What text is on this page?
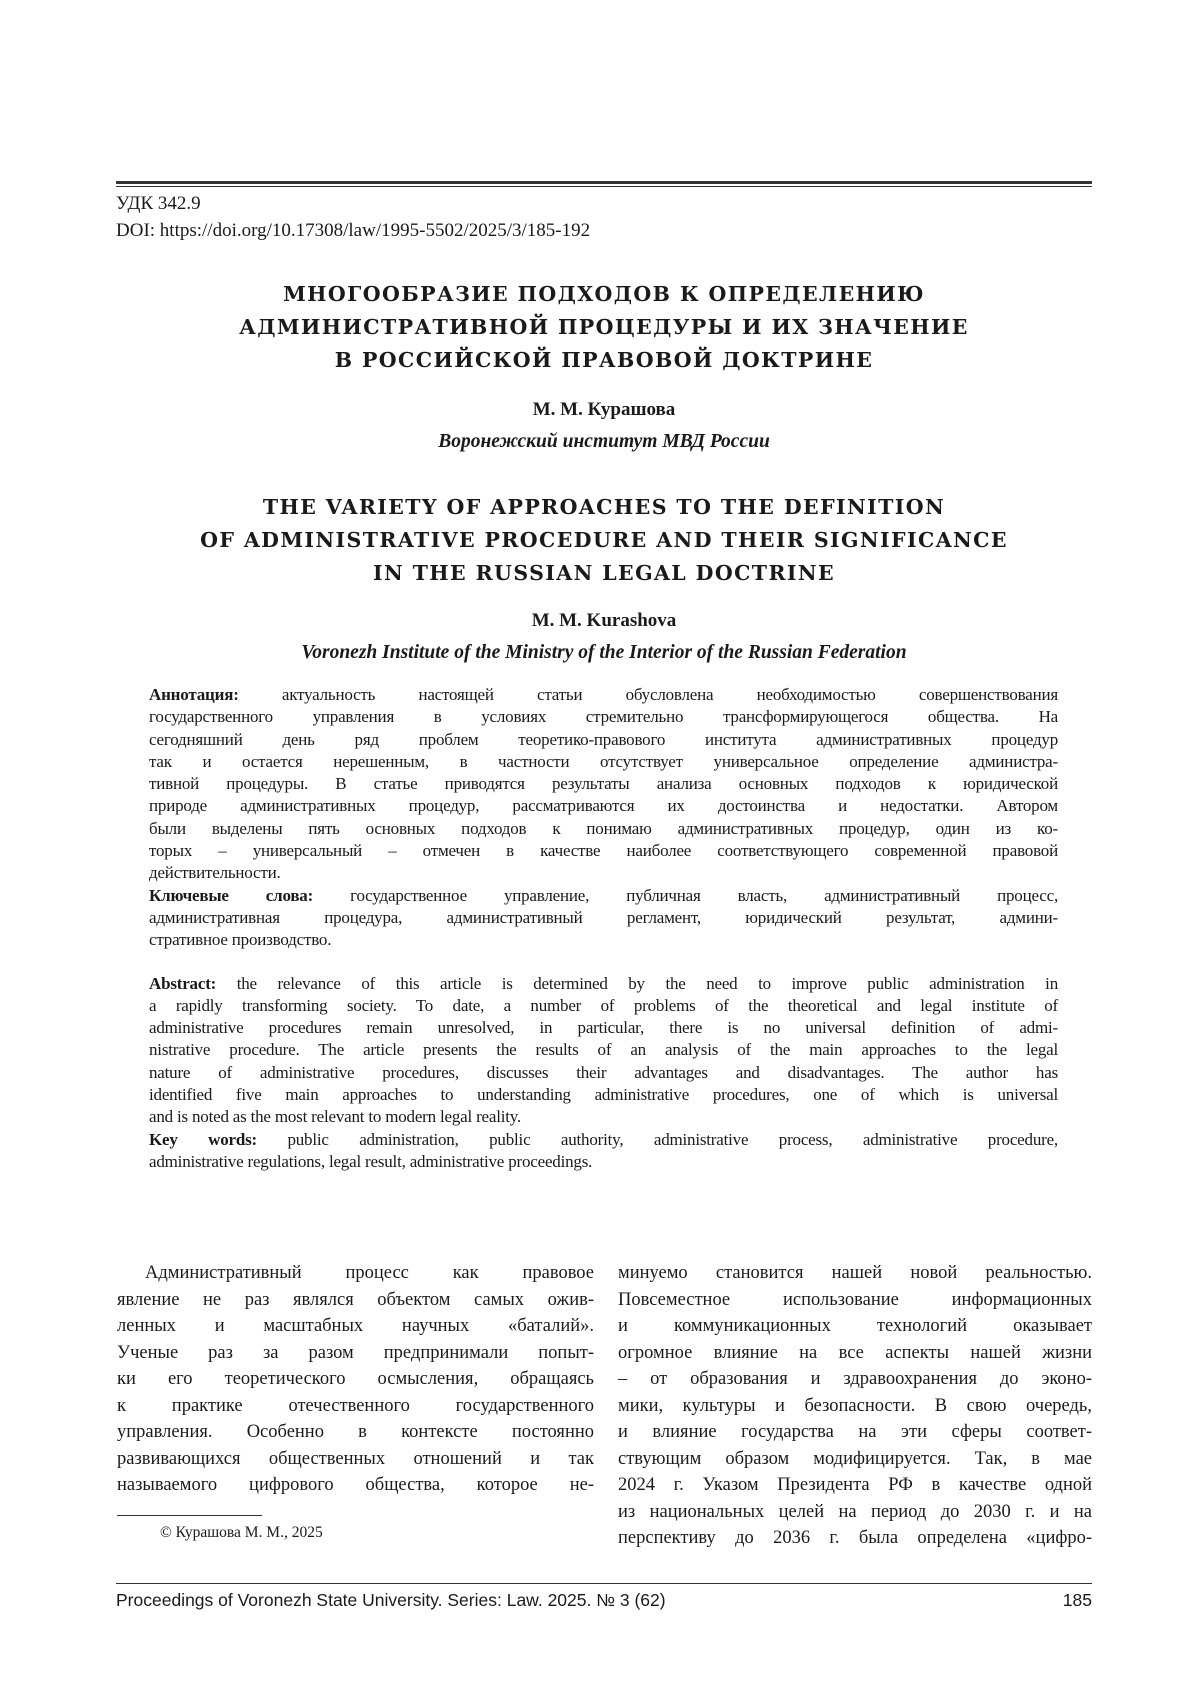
УДК 342.9
DOI: https://doi.org/10.17308/law/1995-5502/2025/3/185-192
МНОГООБРАЗИЕ ПОДХОДОВ К ОПРЕДЕЛЕНИЮ
АДМИНИСТРАТИВНОЙ ПРОЦЕДУРЫ И ИХ ЗНАЧЕНИЕ
В РОССИЙСКОЙ ПРАВОВОЙ ДОКТРИНЕ
М. М. Курашова
Воронежский институт МВД России
THE VARIETY OF APPROACHES TO THE DEFINITION
OF ADMINISTRATIVE PROCEDURE AND THEIR SIGNIFICANCE
IN THE RUSSIAN LEGAL DOCTRINE
M. M. Kurashova
Voronezh Institute of the Ministry of the Interior of the Russian Federation
Аннотация: актуальность настоящей статьи обусловлена необходимостью совершенствования
государственного управления в условиях стремительно трансформирующегося общества. На
сегодняшний день ряд проблем теоретико-правового института административных процедур
так и остается нерешенным, в частности отсутствует универсальное определение администра-
тивной процедуры. В статье приводятся результаты анализа основных подходов к юридической
природе административных процедур, рассматриваются их достоинства и недостатки. Автором
были выделены пять основных подходов к понимаю административных процедур, один из ко-
торых – универсальный – отмечен в качестве наиболее соответствующего современной правовой
действительности.
Ключевые слова: государственное управление, публичная власть, административный процесс,
административная процедура, административный регламент, юридический результат, админи-
стративное производство.
Abstract: the relevance of this article is determined by the need to improve public administration in
a rapidly transforming society. To date, a number of problems of the theoretical and legal institute of
administrative procedures remain unresolved, in particular, there is no universal definition of admi-
nistrative procedure. The article presents the results of an analysis of the main approaches to the legal
nature of administrative procedures, discusses their advantages and disadvantages. The author has
identified five main approaches to understanding administrative procedures, one of which is universal
and is noted as the most relevant to modern legal reality.
Key words: public administration, public authority, administrative process, administrative procedure,
administrative regulations, legal result, administrative proceedings.
Административный процесс как правовое
явление не раз являлся объектом самых ожив-
ленных и масштабных научных «баталий».
Ученые раз за разом предпринимали попыт-
ки его теоретического осмысления, обращаясь
к практике отечественного государственного
управления. Особенно в контексте постоянно
развивающихся общественных отношений и так
называемого цифрового общества, которое не-
минуемо становится нашей новой реальностью.
Повсеместное использование информационных
и коммуникационных технологий оказывает
огромное влияние на все аспекты нашей жизни
– от образования и здравоохранения до эконо-
мики, культуры и безопасности. В свою очередь,
и влияние государства на эти сферы соответ-
ствующим образом модифицируется. Так, в мае
2024 г. Указом Президента РФ в качестве одной
из национальных целей на период до 2030 г. и на
перспективу до 2036 г. была определена «цифро-
© Курашова М. М., 2025
Proceedings of Voronezh State University. Series: Law. 2025. № 3 (62)	185
